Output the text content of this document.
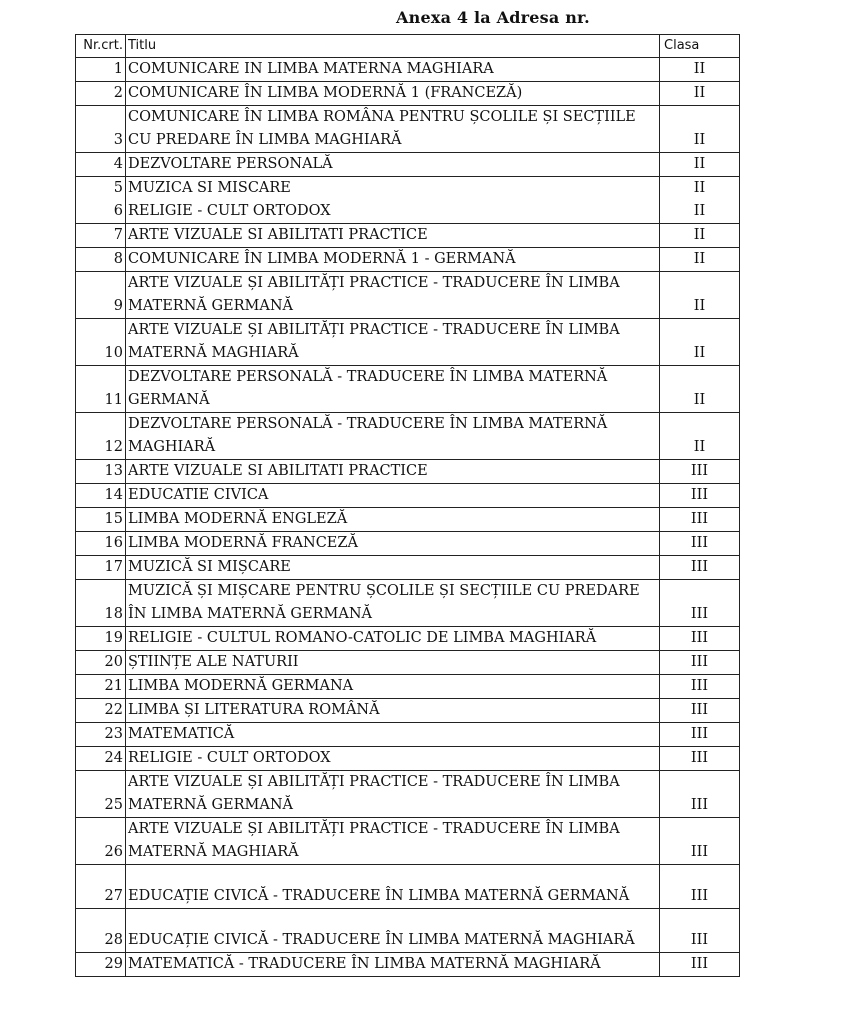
Anexa 4 la Adresa nr.
Nr.crt.	Titlu	Clasa
1	COMUNICARE IN LIMBA MATERNA MAGHIARA	II
2	COMUNICARE ÎN LIMBA MODERNĂ 1 (FRANCEZĂ)	II
3	COMUNICARE ÎN LIMBA ROMÂNA PENTRU ȘCOLILE ȘI SECȚIILE CU PREDARE ÎN LIMBA MAGHIARĂ	II
4	DEZVOLTARE PERSONALĂ	II
5	MUZICA SI MISCARE	II
6	RELIGIE - CULT ORTODOX	II
7	ARTE VIZUALE SI ABILITATI PRACTICE	II
8	COMUNICARE ÎN LIMBA MODERNĂ 1 - GERMANĂ	II
9	ARTE VIZUALE ȘI ABILITĂȚI PRACTICE - TRADUCERE ÎN LIMBA MATERNĂ GERMANĂ	II
10	ARTE VIZUALE ȘI ABILITĂȚI PRACTICE - TRADUCERE ÎN LIMBA MATERNĂ MAGHIARĂ	II
11	DEZVOLTARE PERSONALĂ - TRADUCERE ÎN LIMBA MATERNĂ GERMANĂ	II
12	DEZVOLTARE PERSONALĂ - TRADUCERE ÎN LIMBA MATERNĂ MAGHIARĂ	II
13	ARTE VIZUALE SI ABILITATI PRACTICE	III
14	EDUCATIE CIVICA	III
15	LIMBA MODERNĂ ENGLEZĂ	III
16	LIMBA MODERNĂ FRANCEZĂ	III
17	MUZICĂ SI MIȘCARE	III
18	MUZICĂ ȘI MIȘCARE PENTRU ȘCOLILE ȘI SECȚIILE CU PREDARE ÎN LIMBA MATERNĂ GERMANĂ	III
19	RELIGIE - CULTUL ROMANO-CATOLIC DE LIMBA MAGHIARĂ	III
20	ȘTIINȚE ALE NATURII	III
21	LIMBA MODERNĂ GERMANA	III
22	LIMBA ȘI LITERATURA ROMÂNĂ	III
23	MATEMATICĂ	III
24	RELIGIE - CULT ORTODOX	III
25	ARTE VIZUALE ȘI ABILITĂȚI PRACTICE - TRADUCERE ÎN LIMBA MATERNĂ GERMANĂ	III
26	ARTE VIZUALE ȘI ABILITĂȚI PRACTICE - TRADUCERE ÎN LIMBA MATERNĂ MAGHIARĂ	III
27	EDUCAȚIE CIVICĂ - TRADUCERE ÎN LIMBA MATERNĂ GERMANĂ	III
28	EDUCAȚIE CIVICĂ - TRADUCERE ÎN LIMBA MATERNĂ MAGHIARĂ	III
29	MATEMATICĂ - TRADUCERE ÎN LIMBA MATERNĂ MAGHIARĂ	III
